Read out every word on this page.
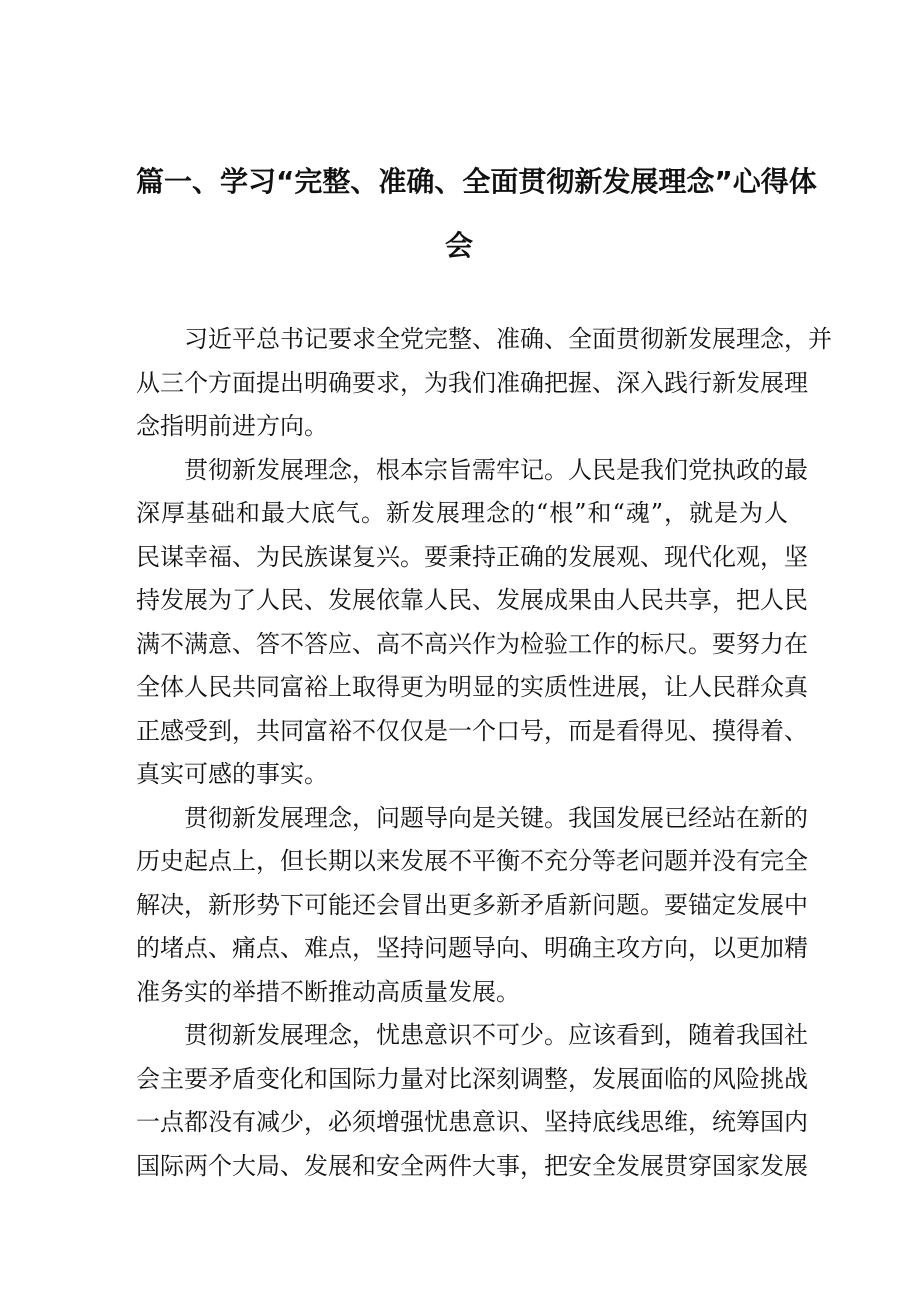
篇一、学习“完整、准确、全面贯彻新发展理念”心得体
会
习近平总书记要求全党完整、准确、全面贯彻新发展理念，并
从三个方面提出明确要求，为我们准确把握、深入践行新发展理
念指明前进方向。
贯彻新发展理念，根本宗旨需牢记。人民是我们党执政的最
深厚基础和最大底气。新发展理念的“根”和“魂”，就是为人
民谋幸福、为民族谋复兴。要秉持正确的发展观、现代化观，坚
持发展为了人民、发展依靠人民、发展成果由人民共享，把人民
满不满意、答不答应、高不高兴作为检验工作的标尺。要努力在
全体人民共同富裕上取得更为明显的实质性进展，让人民群众真
正感受到，共同富裕不仅仅是一个口号，而是看得见、摸得着、
真实可感的事实。
贯彻新发展理念，问题导向是关键。我国发展已经站在新的
历史起点上，但长期以来发展不平衡不充分等老问题并没有完全
解决，新形势下可能还会冒出更多新矛盾新问题。要锚定发展中
的堵点、痛点、难点，坚持问题导向、明确主攻方向，以更加精
准务实的举措不断推动高质量发展。
贯彻新发展理念，忧患意识不可少。应该看到，随着我国社
会主要矛盾变化和国际力量对比深刻调整，发展面临的风险挑战
一点都没有减少，必须增强忧患意识、坚持底线思维，统筹国内
国际两个大局、发展和安全两件大事，把安全发展贯穿国家发展
